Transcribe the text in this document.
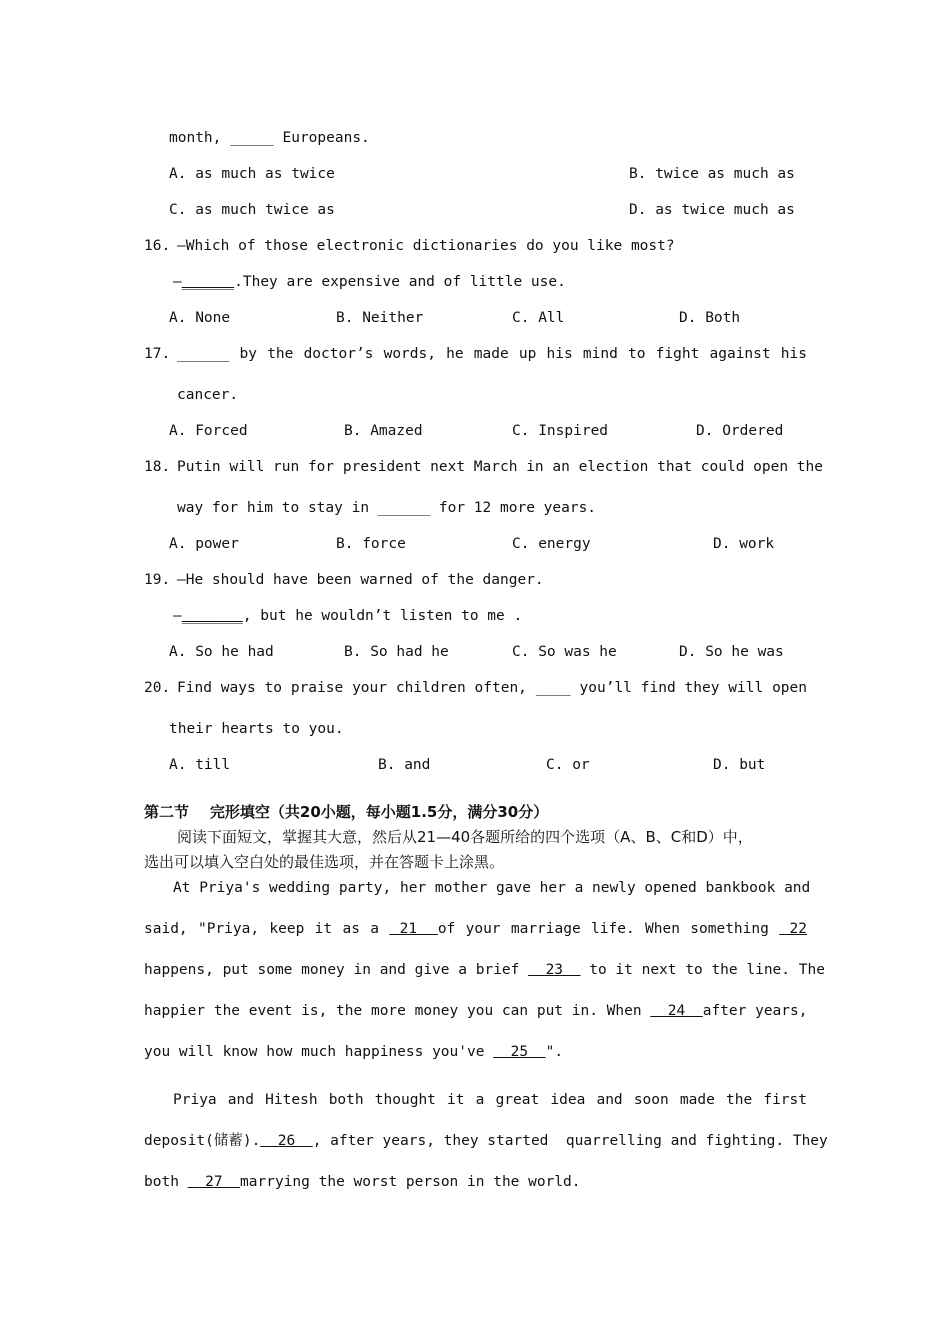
month, _____ Europeans.
A. as much as twice	B. twice as much as
C. as much twice as	D. as twice much as
16. —Which of those electronic dictionaries do you like most?
—______.They are expensive and of little use.
A. None	B. Neither	C. All	D. Both
17. ______ by the doctor’s words, he made up his mind to fight against his
cancer.
A. Forced	B. Amazed	C. Inspired	D. Ordered
18. Putin will run for president next March in an election that could open the
way for him to stay in ______ for 12 more years.
A. power	B. force	C. energy	D. work
19. —He should have been warned of the danger.
—_______, but he wouldn’t listen to me .
A. So he had	B. So had he	C. So was he	D. So he was
20. Find ways to praise your children often, ____ you’ll find they will open
their hearts to you.
A. till	B. and	C. or	D. but
第二节    完形填空（共20小题，每小题1.5分，满分30分）
阅读下面短文，掌握其大意，然后从21—40各题所给的四个选项（A、B、C和D）中，
选出可以填入空白处的最佳选项，并在答题卡上涂黑。
At Priya's wedding party, her mother gave her a newly opened bankbook and
said, "Priya, keep it as a  21  of your marriage life. When something  22
happens, put some money in and give a brief   23   to it next to the line. The
happier the event is, the more money you can put in. When   24  after years,
you will know how much happiness you've   25  ".
Priya and Hitesh both thought it a great idea and soon made the first
deposit(储蓄).  26  , after years, they started  quarrelling and fighting. They
both   27  marrying the worst person in the world.
